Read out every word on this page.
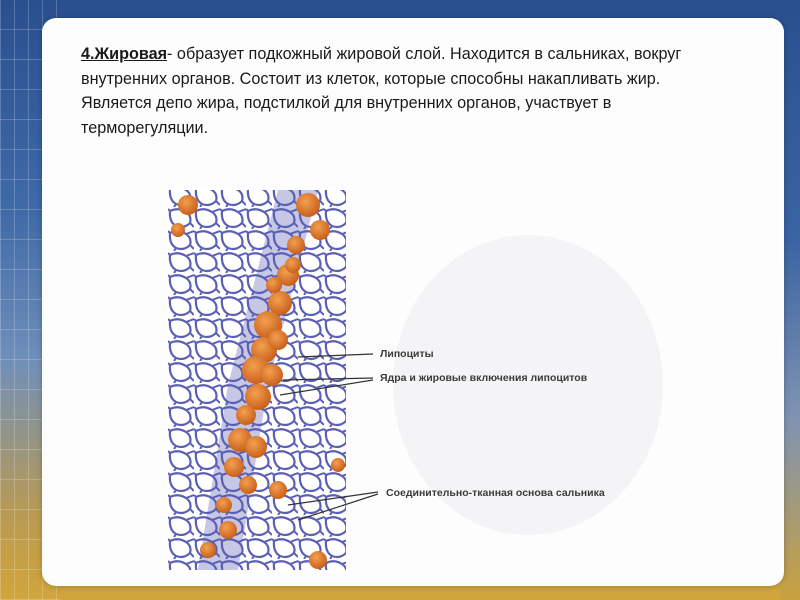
4.Жировая- образует подкожный жировой слой. Находится в сальниках, вокруг внутренних органов. Состоит из клеток, которые способны накапливать жир. Является депо жира, подстилкой для внутренних органов, участвует в терморегуляции.
Липоциты
Ядра и жировые включения липоцитов
Соединительно-тканная основа сальника
